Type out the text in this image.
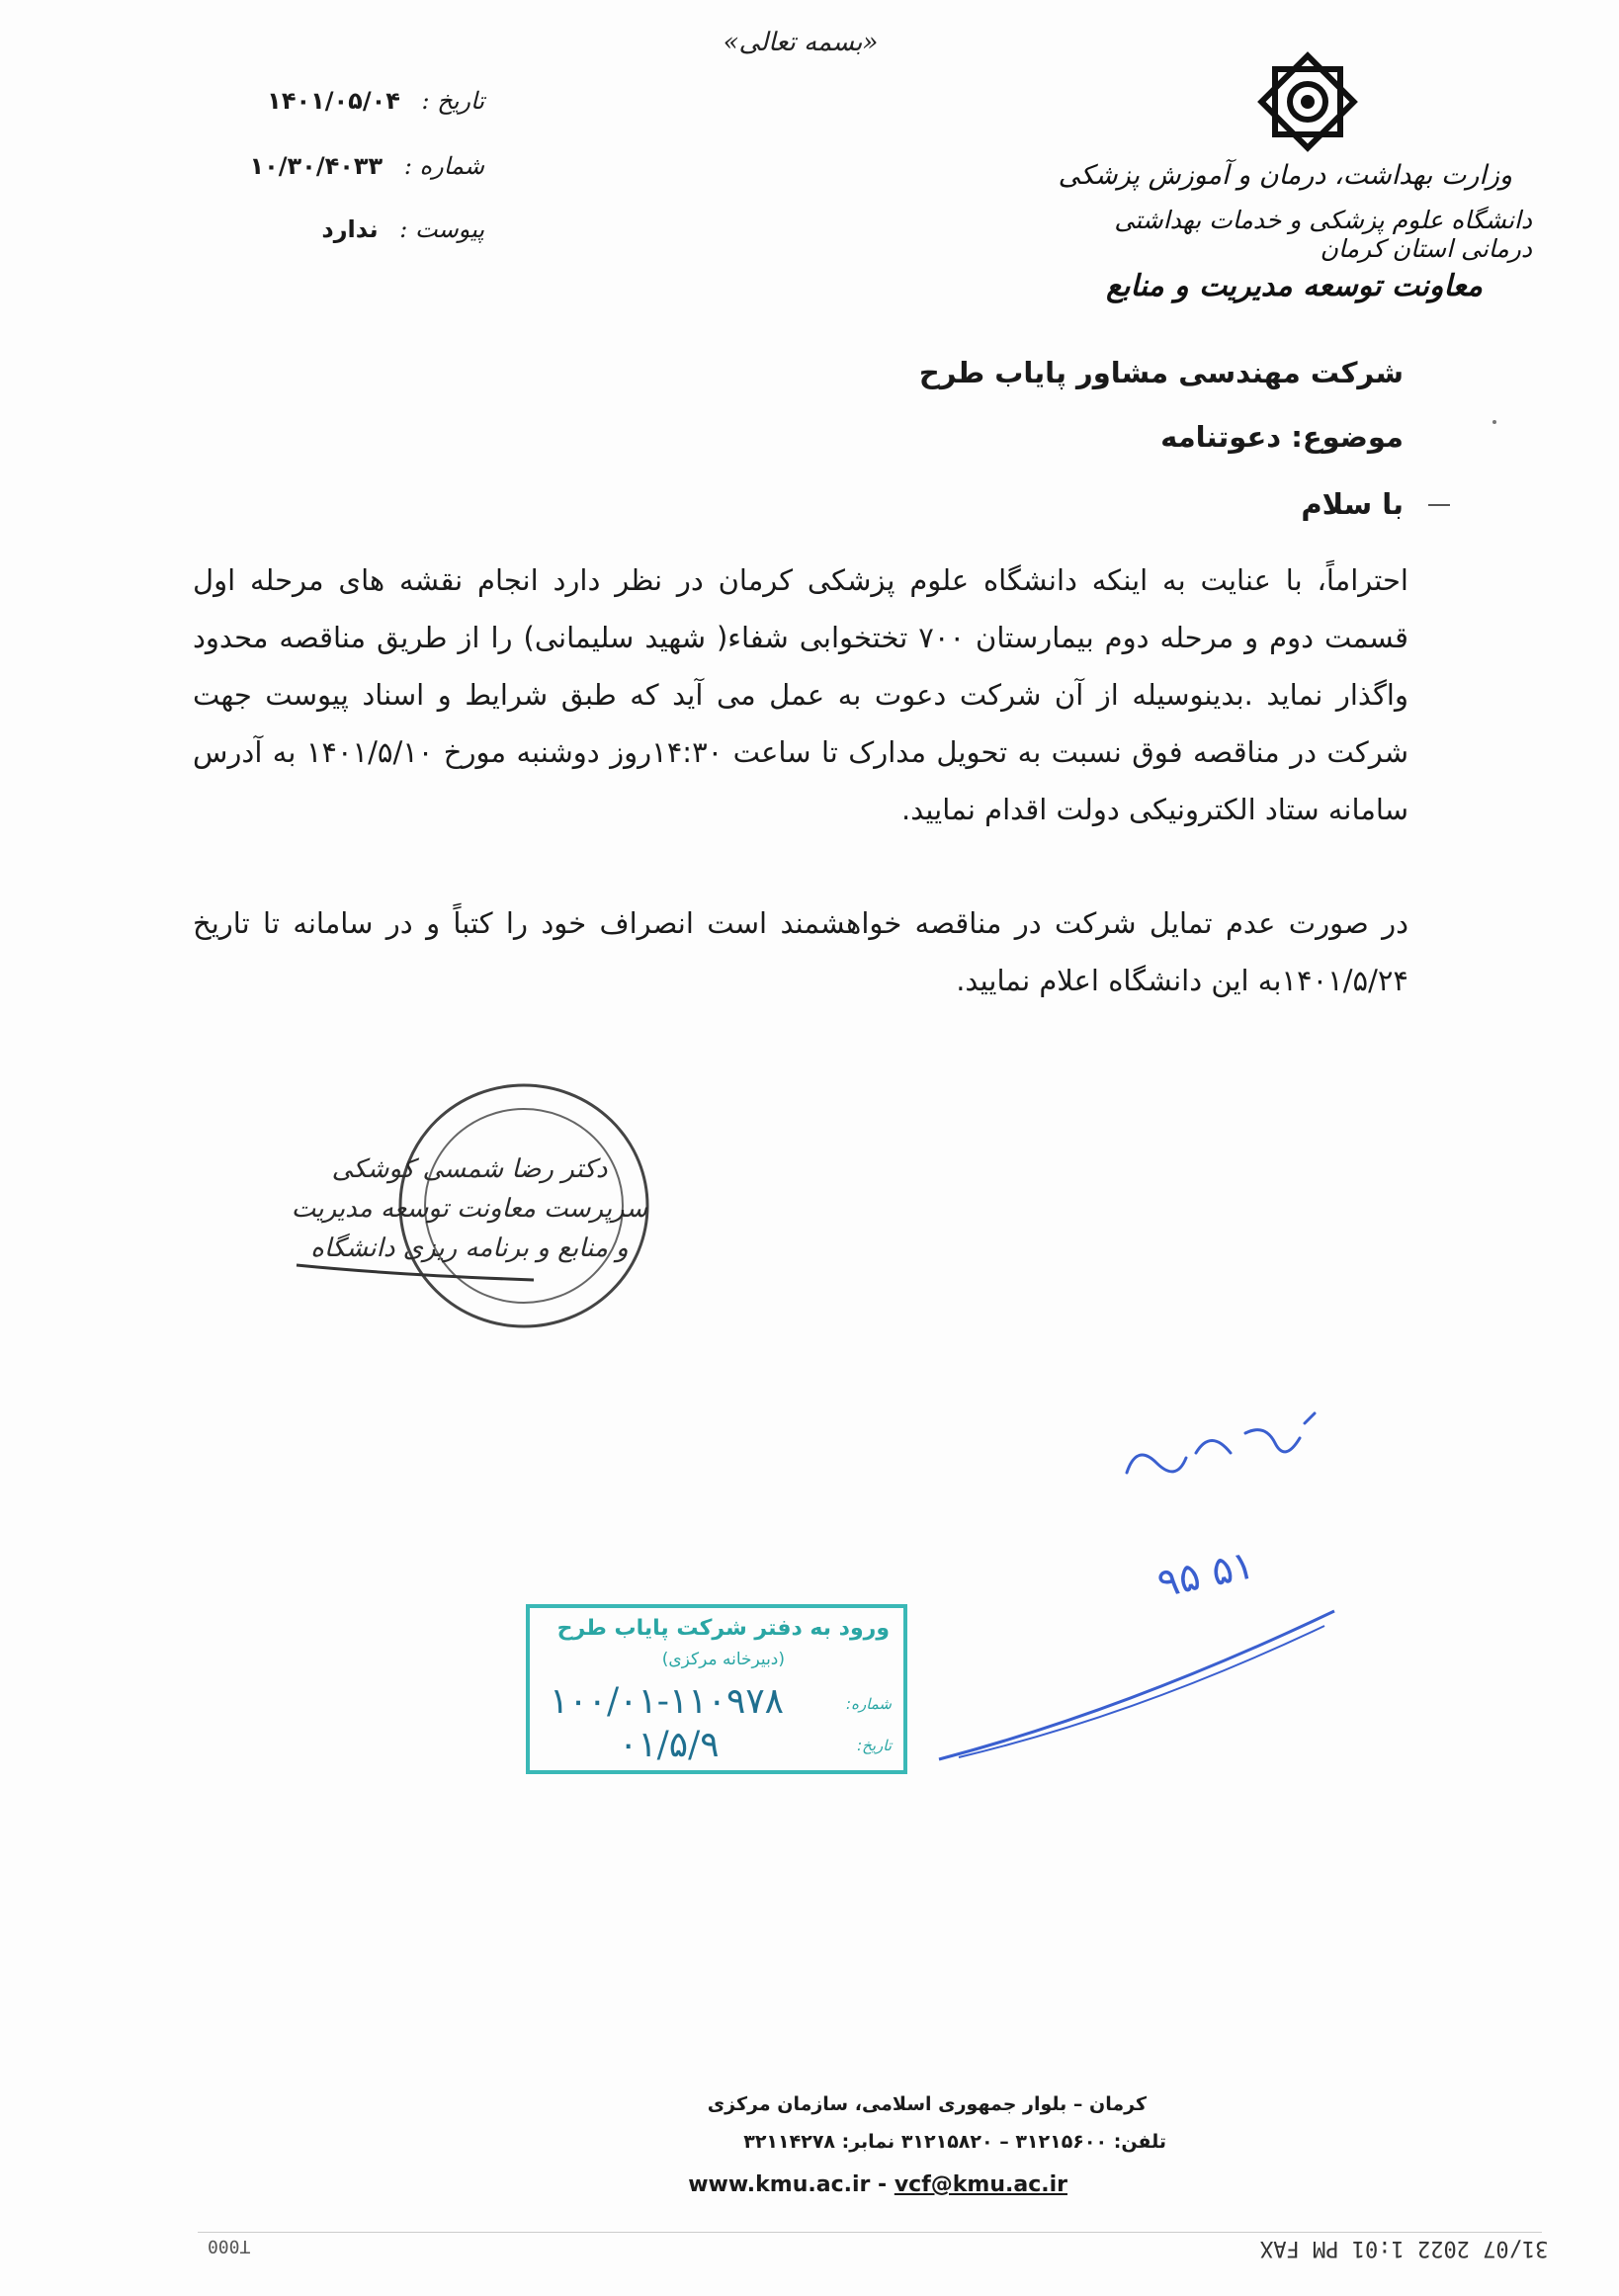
«بسمه تعالی»
وزارت بهداشت، درمان و آموزش پزشکی
دانشگاه علوم پزشکی و خدمات بهداشتی درمانی استان کرمان
معاونت توسعه مدیریت و منابع
تاریخ : ۱۴۰۱/۰۵/۰۴
شماره : ۱۰/۳۰/۴۰۳۳
پیوست : ندارد
شرکت مهندسی مشاور پایاب طرح
موضوع: دعوتنامه
با سلام
احتراماً، با عنایت به اینکه دانشگاه علوم پزشکی کرمان در نظر دارد انجام نقشه های مرحله اول قسمت دوم و مرحله دوم بیمارستان ۷۰۰ تختخوابی شفاء( شهید سلیمانی) را از طریق مناقصه محدود واگذار نماید .بدینوسیله از آن شرکت دعوت به عمل می آید که طبق شرایط و اسناد پیوست جهت شرکت در مناقصه فوق نسبت به تحویل مدارک تا ساعت ۱۴:۳۰روز دوشنبه مورخ ۱۴۰۱/۵/۱۰ به آدرس سامانه ستاد الکترونیکی دولت اقدام نمایید.
در صورت عدم تمایل شرکت در مناقصه خواهشمند است انصراف خود را کتباً و در سامانه تا تاریخ ۱۴۰۱/۵/۲۴به این دانشگاه اعلام نمایید.
دکتر رضا شمسی کوشکی
سرپرست معاونت توسعه مدیریت
و منابع و برنامه ریزی دانشگاه
۹۵ ۵۱
ورود به دفتر شرکت پایاب طرح
(دبیرخانه مرکزی)
شماره:
تاریخ:
۱۰۰/۰۱-۱۱۰۹۷۸
۰۱/۵/۹
کرمان – بلوار جمهوری اسلامی، سازمان مرکزی
تلفن: ۳۱۲۱۵۶۰۰ – ۳۱۲۱۵۸۲۰ نمابر: ۳۲۱۱۴۲۷۸
www.kmu.ac.ir - vcf@kmu.ac.ir
T000	31/07 2022 1:01 PM FAX
